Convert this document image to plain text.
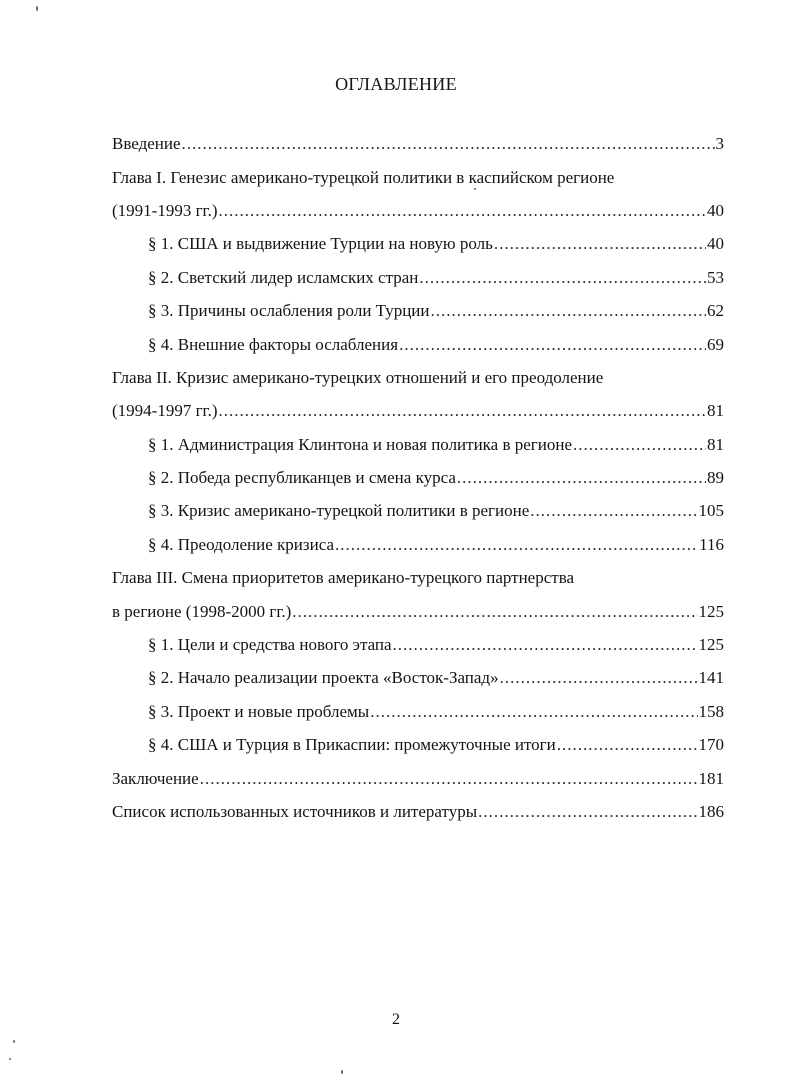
ОГЛАВЛЕНИЕ
Введение .....	3
Глава I. Генезис американо-турецкой политики в каспийском регионе
(1991-1993 гг.) .....	40
§ 1. США и выдвижение Турции на новую роль .....	40
§ 2. Светский лидер исламских стран .....	53
§ 3. Причины ослабления роли Турции .....	62
§ 4. Внешние факторы ослабления .....	69
Глава II. Кризис американо-турецких отношений и его преодоление
(1994-1997 гг.) .....	81
§ 1. Администрация Клинтона и новая политика в регионе .....	81
§ 2. Победа республиканцев и смена курса .....	89
§ 3. Кризис американо-турецкой политики в регионе .....	105
§ 4. Преодоление кризиса .....	116
Глава III. Смена приоритетов американо-турецкого партнерства
в регионе (1998-2000 гг.) .....	125
§ 1. Цели и средства нового этапа .....	125
§ 2. Начало реализации проекта «Восток-Запад» .....	141
§ 3. Проект и новые проблемы .....	158
§ 4. США и Турция в Прикаспии: промежуточные итоги .....	170
Заключение .....	181
Список использованных источников и литературы .....	186
2
